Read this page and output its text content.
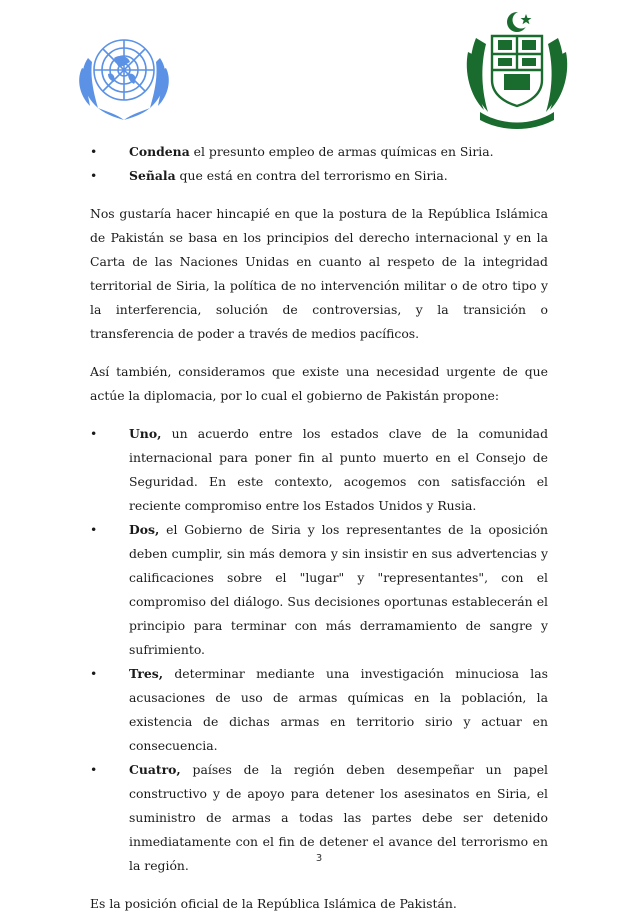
•	Condena el presunto empleo de armas químicas en Siria.
•	Señala que está en contra del terrorismo en Siria.

Nos gustaría hacer hincapié en que la postura de la República Islámica de Pakistán se basa en los principios del derecho internacional y en la Carta de las Naciones Unidas en cuanto al respeto de la integridad territorial de Siria, la política de no intervención militar o de otro tipo y la interferencia, solución de controversias, y la transición o transferencia de poder a través de medios pacíficos.

Así también, consideramos que existe una necesidad urgente de que actúe la diplomacia, por lo cual el gobierno de Pakistán propone:

•	Uno, un acuerdo entre los estados clave de la comunidad internacional para poner fin al punto muerto en el Consejo de Seguridad. En este contexto, acogemos con satisfacción el reciente compromiso entre los Estados Unidos y Rusia.
•	Dos, el Gobierno de Siria y los representantes de la oposición deben cumplir, sin más demora y sin insistir en sus advertencias y calificaciones sobre el "lugar" y "representantes", con el compromiso del diálogo. Sus decisiones oportunas establecerán el principio para terminar con más derramamiento de sangre y sufrimiento.
•	Tres, determinar mediante una investigación minuciosa las acusaciones de uso de armas químicas en la población, la existencia de dichas armas en territorio sirio y actuar en consecuencia.
•	Cuatro, países de la región deben desempeñar un papel constructivo y de apoyo para detener los asesinatos en Siria, el suministro de armas a todas las partes debe ser detenido inmediatamente con el fin de detener el avance del terrorismo en la región.

Es la posición oficial de la República Islámica de Pakistán.

3
